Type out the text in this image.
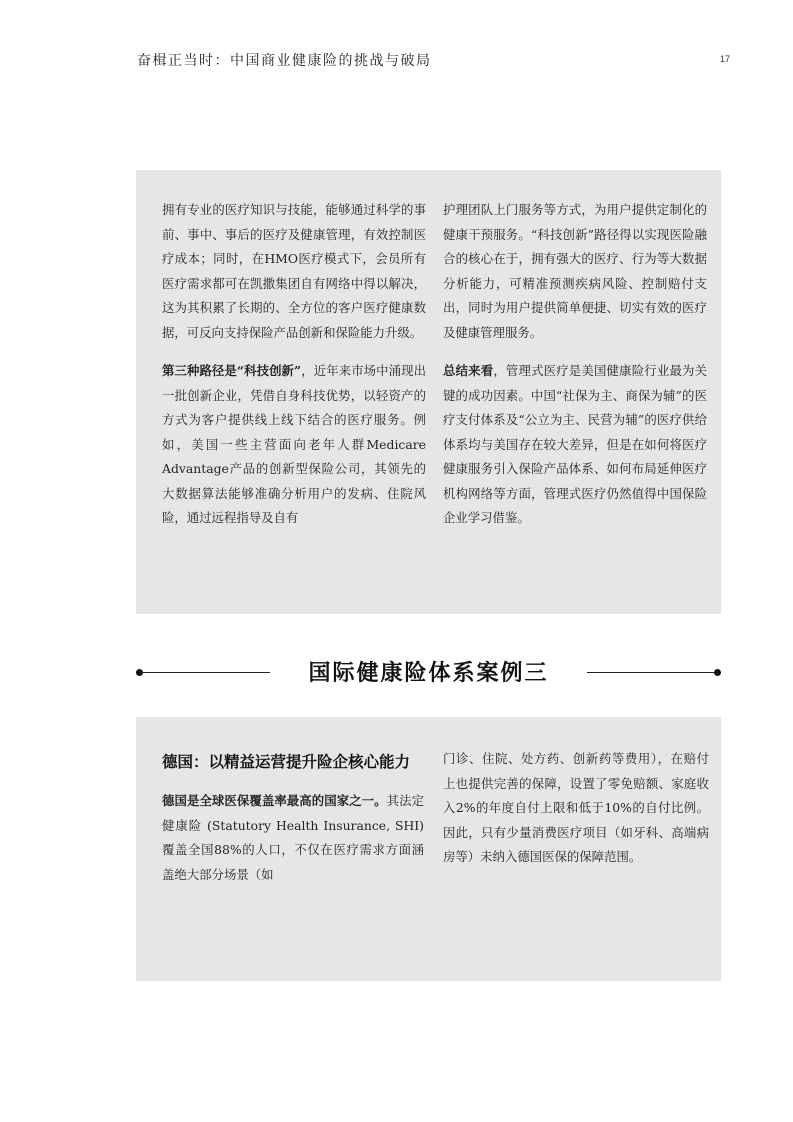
奋楫正当时：中国商业健康险的挑战与破局	17

拥有专业的医疗知识与技能，能够通过科学的事前、事中、事后的医疗及健康管理，有效控制医疗成本；同时，在HMO医疗模式下，会员所有医疗需求都可在凯撒集团自有网络中得以解决，这为其积累了长期的、全方位的客户医疗健康数据，可反向支持保险产品创新和保险能力升级。

第三种路径是“科技创新”，近年来市场中涌现出一批创新企业，凭借自身科技优势，以轻资产的方式为客户提供线上线下结合的医疗服务。例如，美国一些主营面向老年人群Medicare Advantage产品的创新型保险公司，其领先的大数据算法能够准确分析用户的发病、住院风险，通过远程指导及自有

护理团队上门服务等方式，为用户提供定制化的健康干预服务。“科技创新”路径得以实现医险融合的核心在于，拥有强大的医疗、行为等大数据分析能力，可精准预测疾病风险、控制赔付支出，同时为用户提供简单便捷、切实有效的医疗及健康管理服务。

总结来看，管理式医疗是美国健康险行业最为关键的成功因素。中国“社保为主、商保为辅”的医疗支付体系及“公立为主、民营为辅”的医疗供给体系均与美国存在较大差异，但是在如何将医疗健康服务引入保险产品体系、如何布局延伸医疗机构网络等方面，管理式医疗仍然值得中国保险企业学习借鉴。

国际健康险体系案例三
德国：以精益运营提升险企核心能力

德国是全球医保覆盖率最高的国家之一。其法定健康险 (Statutory Health Insurance, SHI) 覆盖全国88%的人口，不仅在医疗需求方面涵盖绝大部分场景（如

门诊、住院、处方药、创新药等费用），在赔付上也提供完善的保障，设置了零免赔额、家庭收入2%的年度自付上限和低于10%的自付比例。因此，只有少量消费医疗项目（如牙科、高端病房等）未纳入德国医保的保障范围。
